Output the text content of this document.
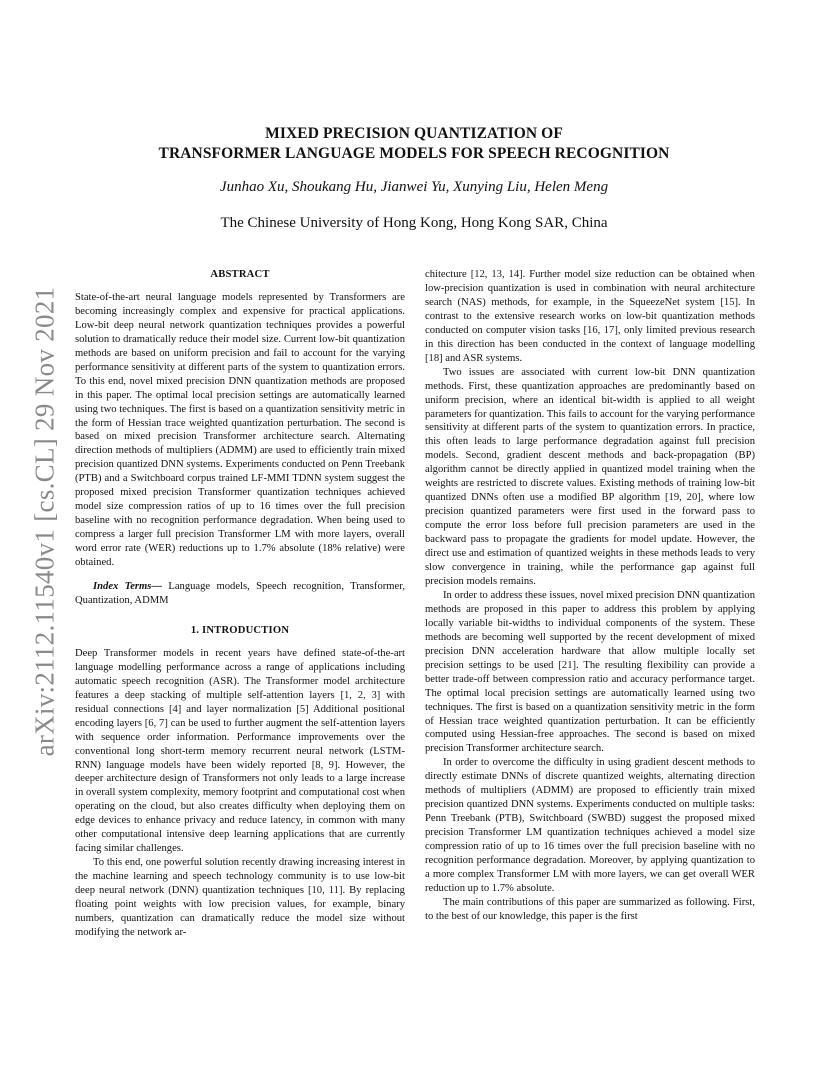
arXiv:2112.11540v1 [cs.CL] 29 Nov 2021
MIXED PRECISION QUANTIZATION OF
TRANSFORMER LANGUAGE MODELS FOR SPEECH RECOGNITION
Junhao Xu, Shoukang Hu, Jianwei Yu, Xunying Liu, Helen Meng
The Chinese University of Hong Kong, Hong Kong SAR, China
ABSTRACT

State-of-the-art neural language models represented by Transformers are becoming increasingly complex and expensive for practical applications. Low-bit deep neural network quantization techniques provides a powerful solution to dramatically reduce their model size. Current low-bit quantization methods are based on uniform precision and fail to account for the varying performance sensitivity at different parts of the system to quantization errors. To this end, novel mixed precision DNN quantization methods are proposed in this paper. The optimal local precision settings are automatically learned using two techniques. The first is based on a quantization sensitivity metric in the form of Hessian trace weighted quantization perturbation. The second is based on mixed precision Transformer architecture search. Alternating direction methods of multipliers (ADMM) are used to efficiently train mixed precision quantized DNN systems. Experiments conducted on Penn Treebank (PTB) and a Switchboard corpus trained LF-MMI TDNN system suggest the proposed mixed precision Transformer quantization techniques achieved model size compression ratios of up to 16 times over the full precision baseline with no recognition performance degradation. When being used to compress a larger full precision Transformer LM with more layers, overall word error rate (WER) reductions up to 1.7% absolute (18% relative) were obtained.

Index Terms— Language models, Speech recognition, Transformer, Quantization, ADMM

1. INTRODUCTION

Deep Transformer models in recent years have defined state-of-the-art language modelling performance across a range of applications including automatic speech recognition (ASR). The Transformer model architecture features a deep stacking of multiple self-attention layers [1, 2, 3] with residual connections [4] and layer normalization [5] Additional positional encoding layers [6, 7] can be used to further augment the self-attention layers with sequence order information. Performance improvements over the conventional long short-term memory recurrent neural network (LSTM-RNN) language models have been widely reported [8, 9]. However, the deeper architecture design of Transformers not only leads to a large increase in overall system complexity, memory footprint and computational cost when operating on the cloud, but also creates difficulty when deploying them on edge devices to enhance privacy and reduce latency, in common with many other computational intensive deep learning applications that are currently facing similar challenges.

To this end, one powerful solution recently drawing increasing interest in the machine learning and speech technology community is to use low-bit deep neural network (DNN) quantization techniques [10, 11]. By replacing floating point weights with low precision values, for example, binary numbers, quantization can dramatically reduce the model size without modifying the network ar-

chitecture [12, 13, 14]. Further model size reduction can be obtained when low-precision quantization is used in combination with neural architecture search (NAS) methods, for example, in the SqueezeNet system [15]. In contrast to the extensive research works on low-bit quantization methods conducted on computer vision tasks [16, 17], only limited previous research in this direction has been conducted in the context of language modelling [18] and ASR systems.

Two issues are associated with current low-bit DNN quantization methods. First, these quantization approaches are predominantly based on uniform precision, where an identical bit-width is applied to all weight parameters for quantization. This fails to account for the varying performance sensitivity at different parts of the system to quantization errors. In practice, this often leads to large performance degradation against full precision models. Second, gradient descent methods and back-propagation (BP) algorithm cannot be directly applied in quantized model training when the weights are restricted to discrete values. Existing methods of training low-bit quantized DNNs often use a modified BP algorithm [19, 20], where low precision quantized parameters were first used in the forward pass to compute the error loss before full precision parameters are used in the backward pass to propagate the gradients for model update. However, the direct use and estimation of quantized weights in these methods leads to very slow convergence in training, while the performance gap against full precision models remains.

In order to address these issues, novel mixed precision DNN quantization methods are proposed in this paper to address this problem by applying locally variable bit-widths to individual components of the system. These methods are becoming well supported by the recent development of mixed precision DNN acceleration hardware that allow multiple locally set precision settings to be used [21]. The resulting flexibility can provide a better trade-off between compression ratio and accuracy performance target. The optimal local precision settings are automatically learned using two techniques. The first is based on a quantization sensitivity metric in the form of Hessian trace weighted quantization perturbation. It can be efficiently computed using Hessian-free approaches. The second is based on mixed precision Transformer architecture search.

In order to overcome the difficulty in using gradient descent methods to directly estimate DNNs of discrete quantized weights, alternating direction methods of multipliers (ADMM) are proposed to efficiently train mixed precision quantized DNN systems. Experiments conducted on multiple tasks: Penn Treebank (PTB), Switchboard (SWBD) suggest the proposed mixed precision Transformer LM quantization techniques achieved a model size compression ratio of up to 16 times over the full precision baseline with no recognition performance degradation. Moreover, by applying quantization to a more complex Transformer LM with more layers, we can get overall WER reduction up to 1.7% absolute.

The main contributions of this paper are summarized as following. First, to the best of our knowledge, this paper is the first
